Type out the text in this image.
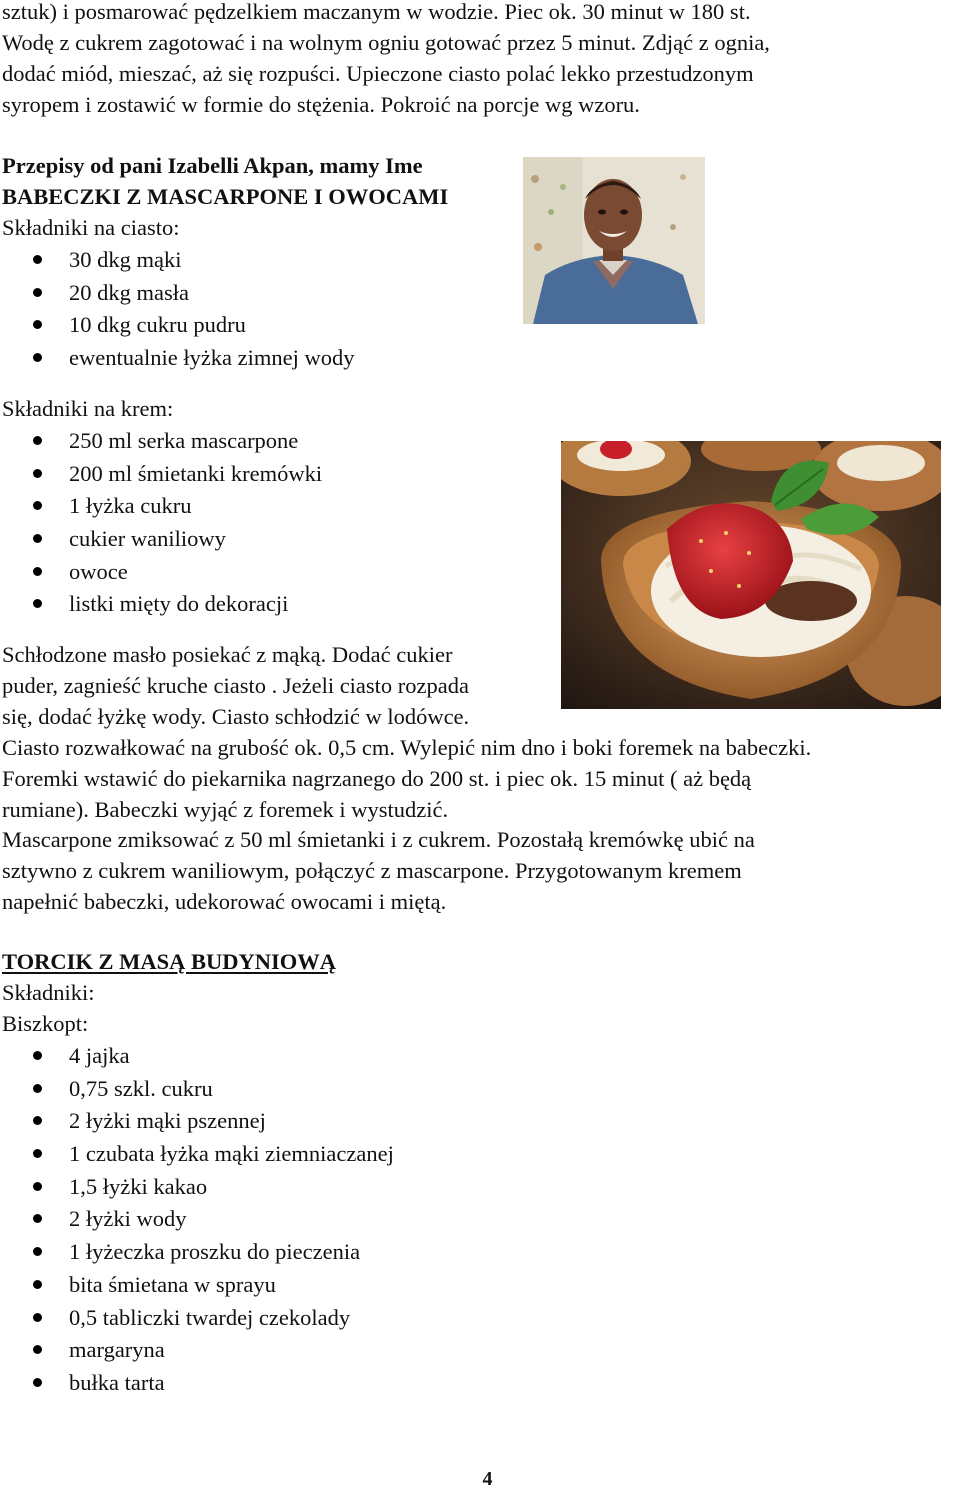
sztuk) i posmarować pędzelkiem maczanym w wodzie. Piec ok. 30 minut w 180 st.

Wodę z cukrem zagotować i na wolnym ogniu gotować przez 5 minut. Zdjąć z ognia,

dodać miód, mieszać, aż się rozpuści. Upieczone ciasto polać lekko przestudzonym

syropem i zostawić w formie do stężenia. Pokroić na porcje wg wzoru.

Przepisy od pani Izabelli Akpan, mamy Ime

BABECZKI Z MASCARPONE I OWOCAMI

Składniki na ciasto:

30 dkg mąki
20 dkg masła
10 dkg cukru pudru
ewentualnie łyżka zimnej wody

Składniki na krem:

250 ml serka mascarpone
200 ml śmietanki kremówki
1 łyżka cukru
cukier waniliowy
owoce
listki mięty do dekoracji

Schłodzone masło posiekać z mąką. Dodać cukier

puder, zagnieść kruche ciasto . Jeżeli ciasto rozpada

się, dodać łyżkę wody. Ciasto schłodzić w lodówce.

Ciasto rozwałkować na grubość ok. 0,5 cm. Wylepić nim dno i boki foremek na babeczki.

Foremki wstawić do piekarnika nagrzanego do 200 st. i piec ok. 15 minut ( aż będą

rumiane). Babeczki wyjąć z foremek i wystudzić.

Mascarpone zmiksować z 50 ml śmietanki i z cukrem. Pozostałą kremówkę ubić na

sztywno z cukrem waniliowym, połączyć z mascarpone. Przygotowanym kremem

napełnić babeczki, udekorować owocami i miętą.

TORCIK Z MASĄ BUDYNIOWĄ

Składniki:

Biszkopt:

4 jajka
0,75 szkl. cukru
2 łyżki mąki pszennej
1 czubata łyżka mąki ziemniaczanej
1,5 łyżki kakao
2 łyżki wody
1 łyżeczka proszku do pieczenia
bita śmietana w sprayu
0,5 tabliczki twardej czekolady
margaryna
bułka tarta
4
